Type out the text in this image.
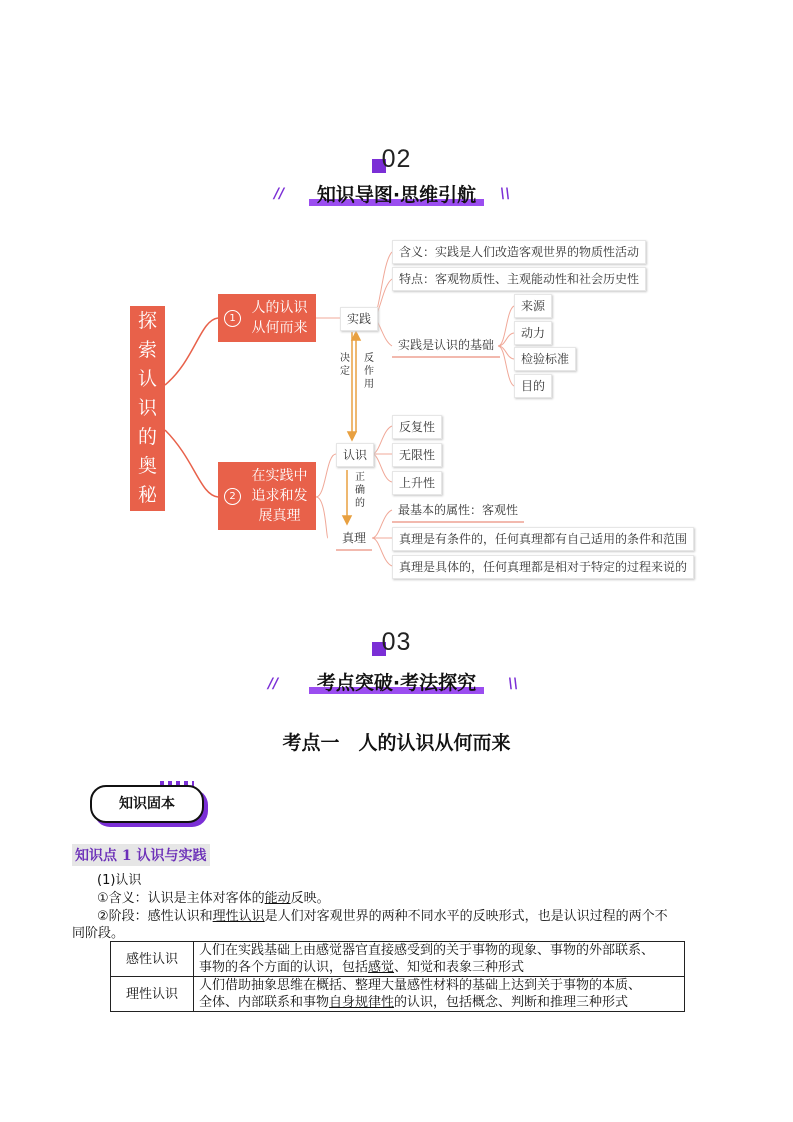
02
//	知识导图·思维引航	\\
探索认识的奥秘
1
人的认识从何而来
2
在实践中追求和发展真理
实践
含义：实践是人们改造客观世界的物质性活动
特点：客观物质性、主观能动性和社会历史性
实践是认识的基础
来源
动力
检验标准
目的
决定
反作用
认识
反复性
无限性
上升性
正确的
真理
最基本的属性：客观性
真理是有条件的，任何真理都有自己适用的条件和范围
真理是具体的，任何真理都是相对于特定的过程来说的
03
//	考点突破·考法探究	\\
考点一　人的认识从何而来
知识固本
知识点 1 认识与实践
(1)认识
①含义：认识是主体对客体的能动反映。
②阶段：感性认识和理性认识是人们对客观世界的两种不同水平的反映形式，也是认识过程的两个不
同阶段。
感性认识	人们在实践基础上由感觉器官直接感受到的关于事物的现象、事物的外部联系、
事物的各个方面的认识，包括感觉、知觉和表象三种形式

理性认识	人们借助抽象思维在概括、整理大量感性材料的基础上达到关于事物的本质、
全体、内部联系和事物自身规律性的认识，包括概念、判断和推理三种形式
